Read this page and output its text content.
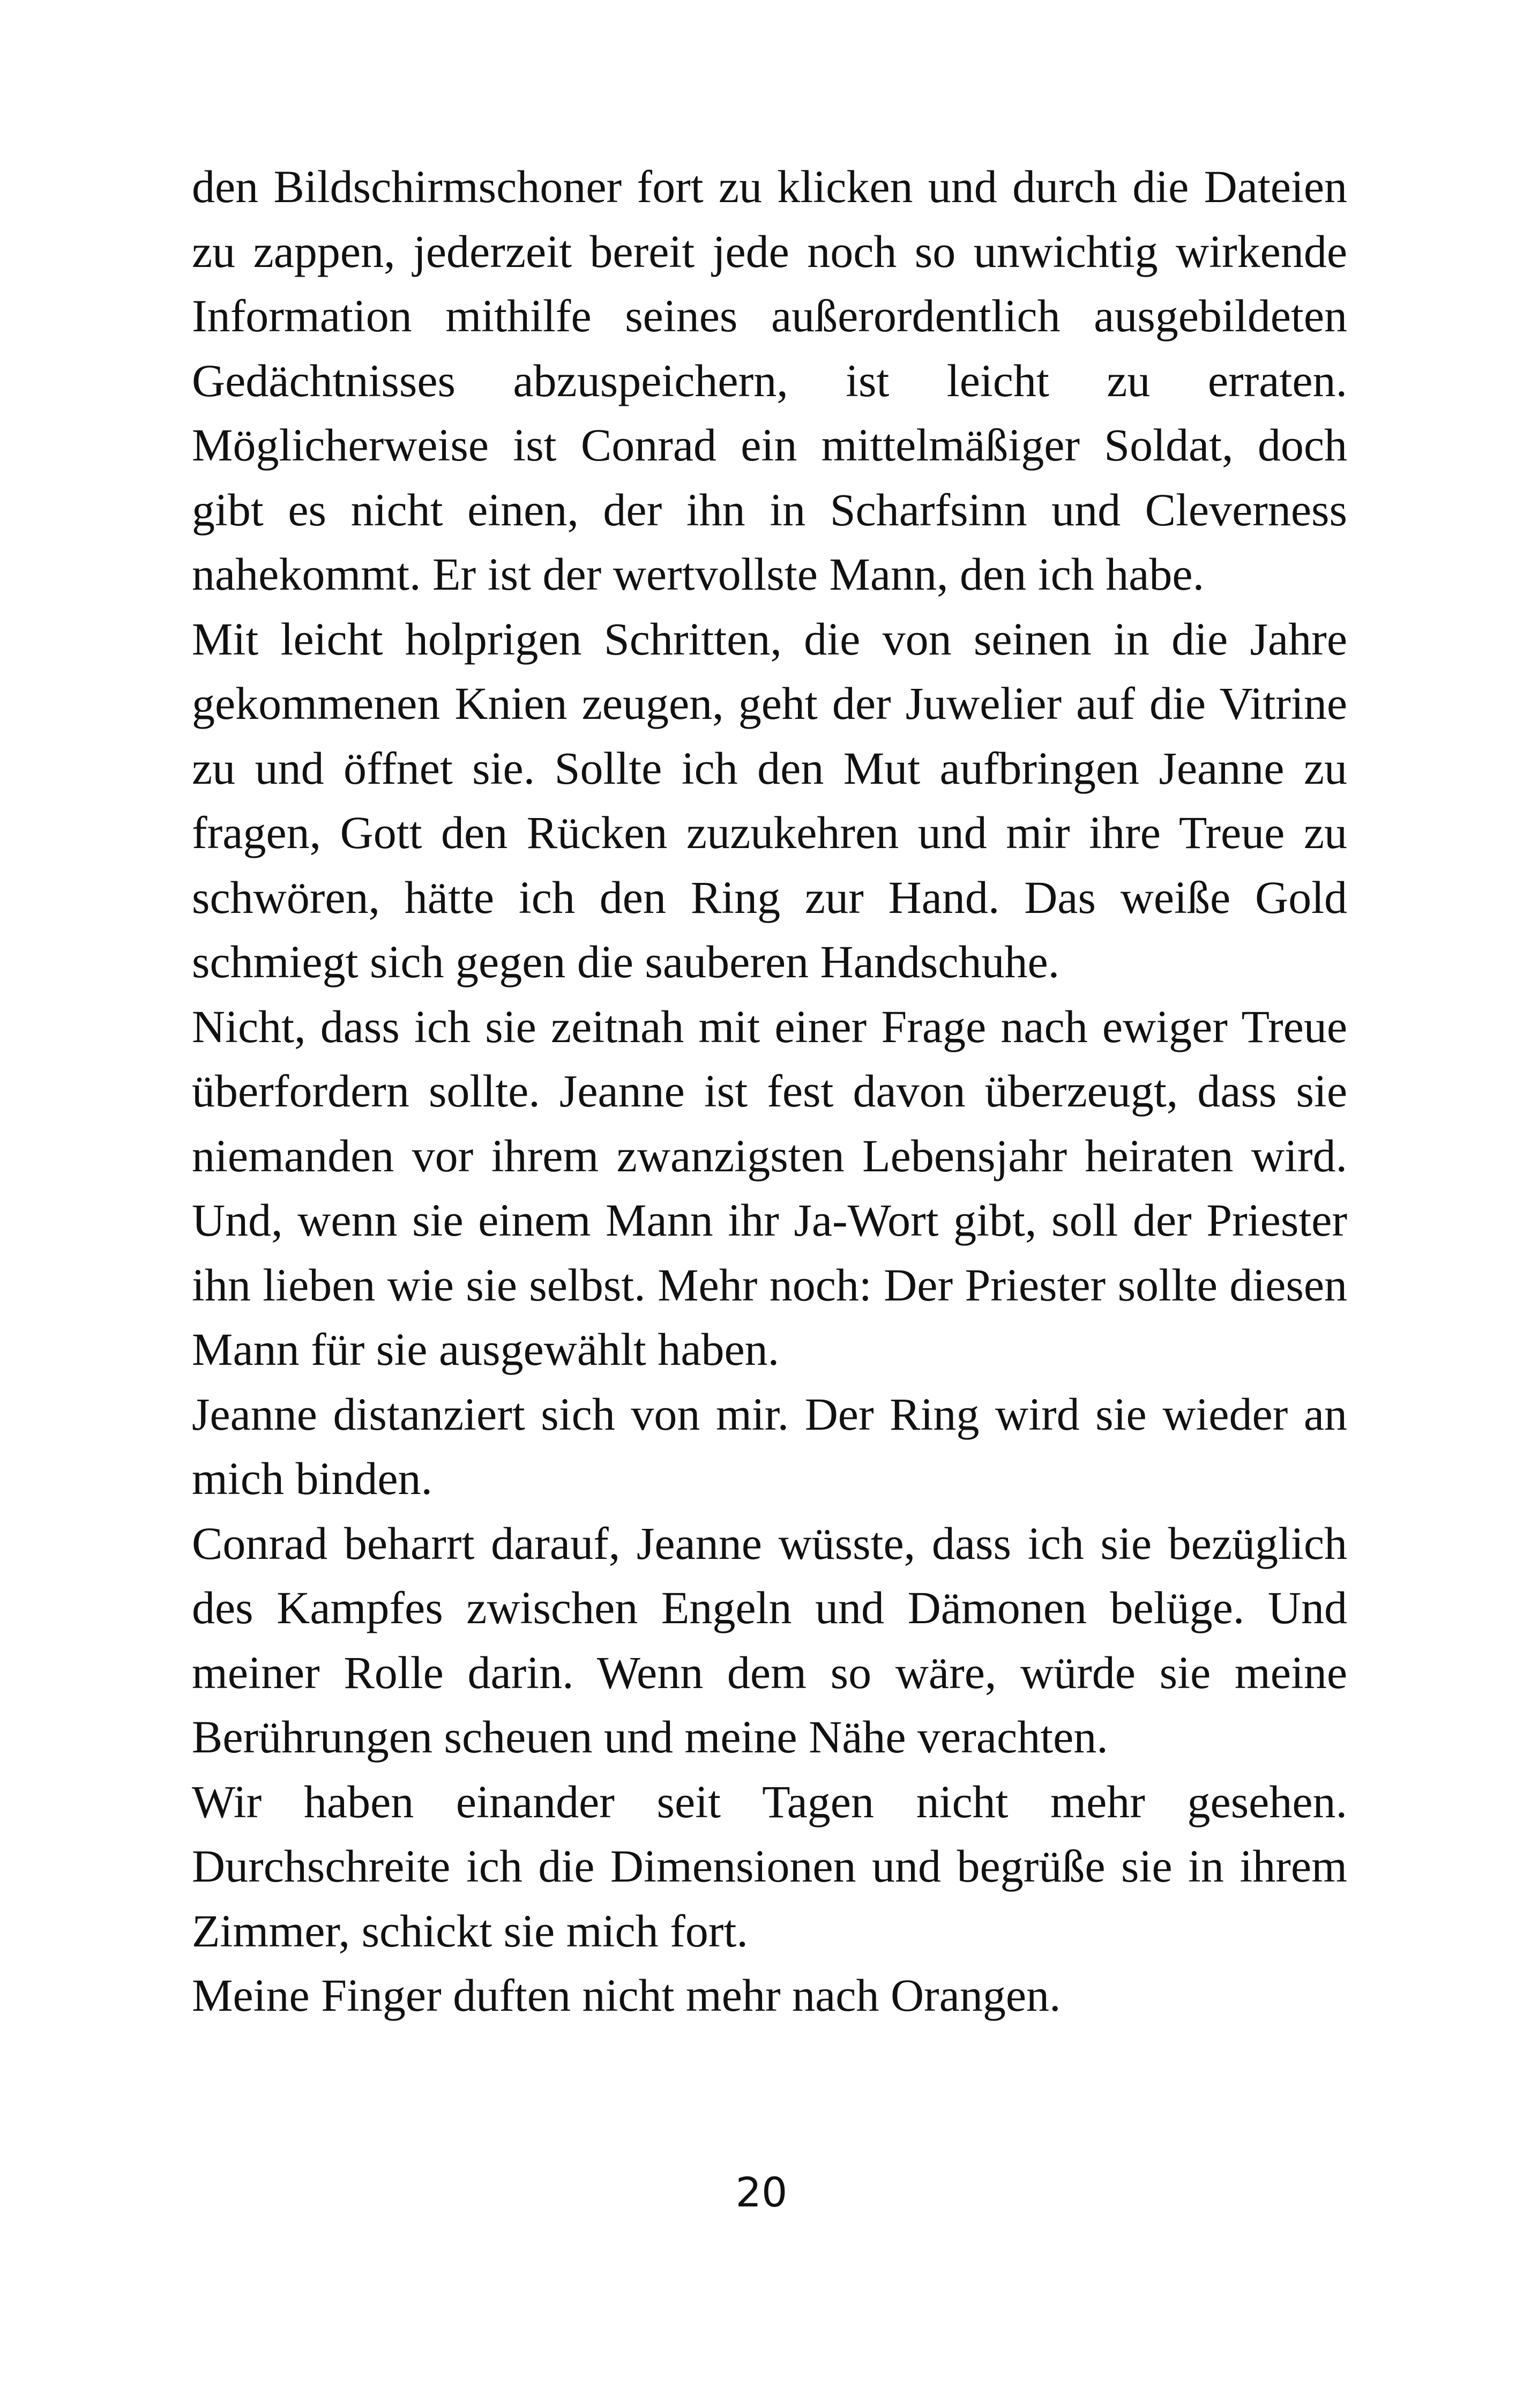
den Bildschirmschoner fort zu klicken und durch die Dateien zu zappen, jederzeit bereit jede noch so unwichtig wirkende Information mithilfe seines außerordentlich ausgebildeten Gedächtnisses abzuspeichern, ist leicht zu erraten. Möglicherweise ist Conrad ein mittelmäßiger Soldat, doch gibt es nicht einen, der ihn in Scharfsinn und Cleverness nahekommt. Er ist der wertvollste Mann, den ich habe.

Mit leicht holprigen Schritten, die von seinen in die Jahre gekommenen Knien zeugen, geht der Juwelier auf die Vitrine zu und öffnet sie. Sollte ich den Mut aufbringen Jeanne zu fragen, Gott den Rücken zuzukehren und mir ihre Treue zu schwören, hätte ich den Ring zur Hand. Das weiße Gold schmiegt sich gegen die sauberen Handschuhe.

Nicht, dass ich sie zeitnah mit einer Frage nach ewiger Treue überfordern sollte. Jeanne ist fest davon überzeugt, dass sie niemanden vor ihrem zwanzigsten Lebensjahr heiraten wird. Und, wenn sie einem Mann ihr Ja-Wort gibt, soll der Priester ihn lieben wie sie selbst. Mehr noch: Der Priester sollte diesen Mann für sie ausgewählt haben.

Jeanne distanziert sich von mir. Der Ring wird sie wieder an mich binden.

Conrad beharrt darauf, Jeanne wüsste, dass ich sie bezüglich des Kampfes zwischen Engeln und Dämonen belüge. Und meiner Rolle darin. Wenn dem so wäre, würde sie meine Berührungen scheuen und meine Nähe verachten.

Wir haben einander seit Tagen nicht mehr gesehen. Durchschreite ich die Dimensionen und begrüße sie in ihrem Zimmer, schickt sie mich fort.

Meine Finger duften nicht mehr nach Orangen.

20
